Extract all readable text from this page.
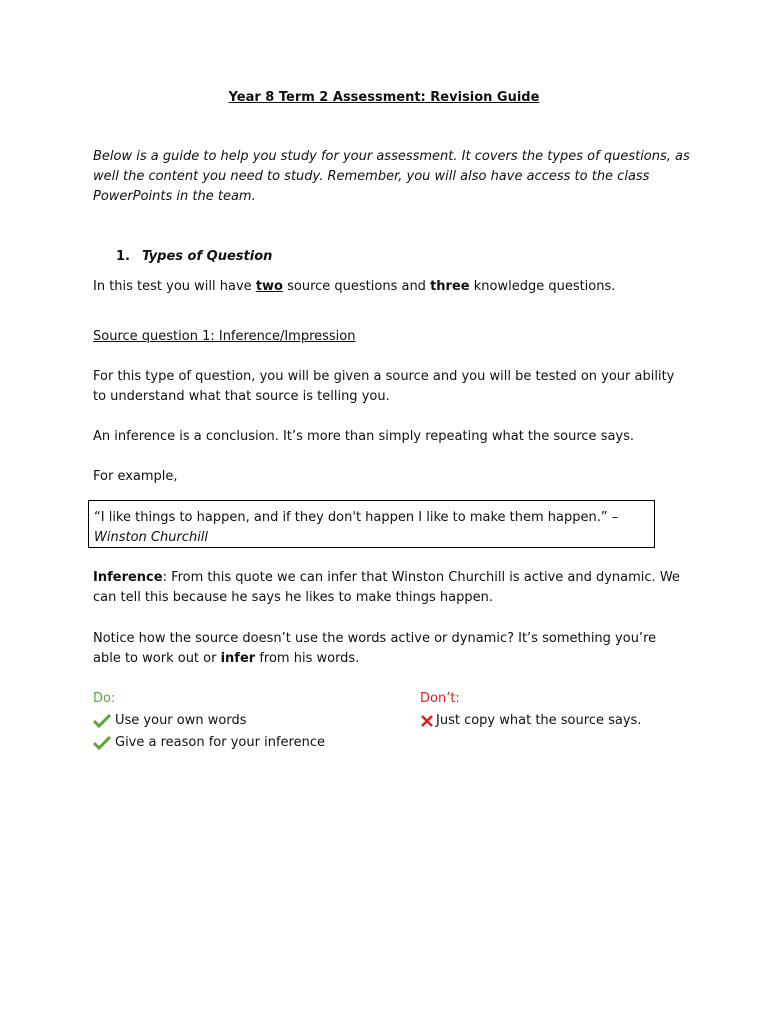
Year 8 Term 2 Assessment: Revision Guide
Below is a guide to help you study for your assessment. It covers the types of questions, as well the content you need to study. Remember, you will also have access to the class PowerPoints in the team.
1. Types of Question
In this test you will have two source questions and three knowledge questions.
Source question 1: Inference/Impression
For this type of question, you will be given a source and you will be tested on your ability to understand what that source is telling you.
An inference is a conclusion. It’s more than simply repeating what the source says.
For example,
“I like things to happen, and if they don't happen I like to make them happen.” –
Winston Churchill
Inference: From this quote we can infer that Winston Churchill is active and dynamic. We can tell this because he says he likes to make things happen.
Notice how the source doesn’t use the words active or dynamic? It’s something you’re able to work out or infer from his words.
Do:
Use your own words
Give a reason for your inference
Don’t:
Just copy what the source says.
